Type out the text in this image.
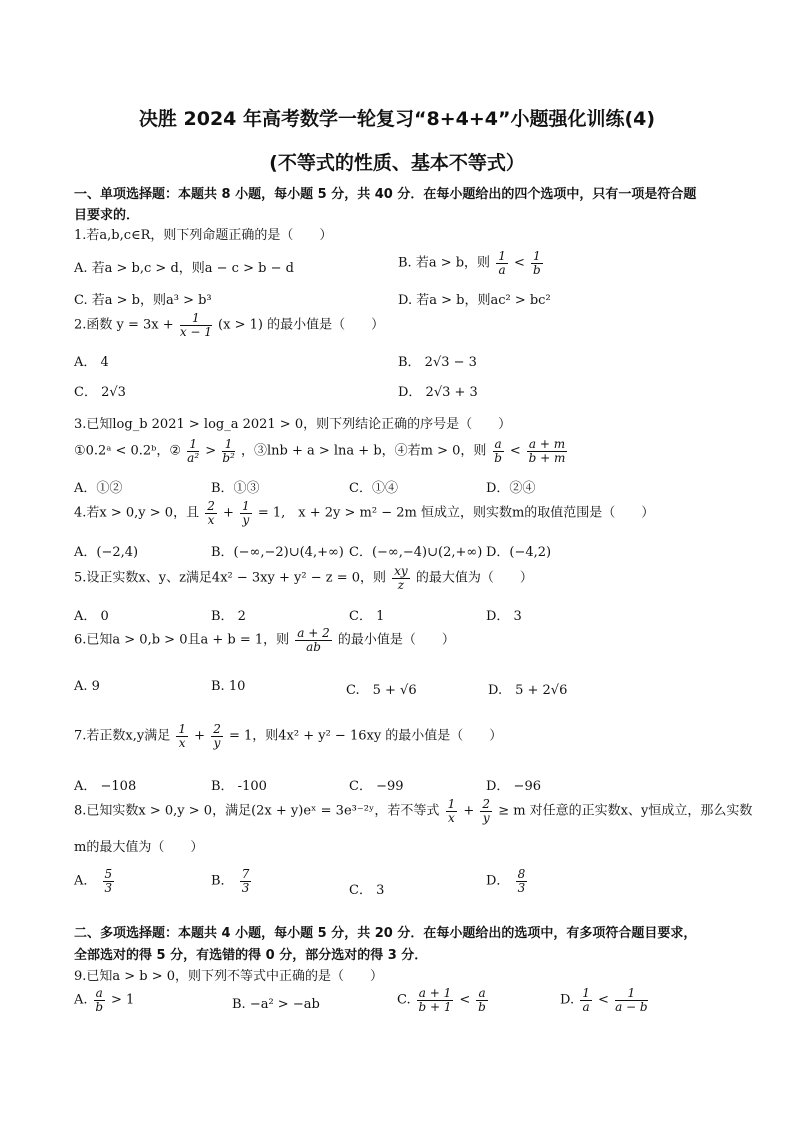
决胜 2024 年高考数学一轮复习“8+4+4”小题强化训练(4)
(不等式的性质、基本不等式）
一、单项选择题：本题共 8 小题，每小题 5 分，共 40 分．在每小题给出的四个选项中，只有一项是符合题
目要求的．
1.若a,b,c∈R，则下列命题正确的是（　　）
A. 若a > b,c > d，则a − c > b − d	B. 若a > b，则 $\frac{1}{a} < \frac{1}{b}$
C. 若a > b，则a³ > b³	D. 若a > b，则ac² > bc²
2.函数 $y = 3x + \frac{1}{x - 1} (x > 1)$ 的最小值是（　　）
A． 4	B． 2√3 − 3
C． 2√3	D． 2√3 + 3
3.已知log_b 2021 > log_a 2021 > 0，则下列结论正确的序号是（　　）
①0.2ᵃ < 0.2ᵇ，② $\frac{1}{\text{a²}} > \frac{1}{\text{b²}}$ ，③lnb + a > lna + b，④若m > 0，则 $\frac{a}{b} < \frac{a + m}{b + m}$
A．①②	B．①③	C．①④	D．②④
4.若x > 0,y > 0，且 $\frac{2}{x} + \frac{1}{y} = 1$,　x + 2y > m² − 2m 恒成立，则实数m的取值范围是（　　）
A．(−2,4)	B．(−∞,−2)∪(4,+∞) C．(−∞,−4)∪(2,+∞) D．(−4,2)
5.设正实数x、y、z满足4x² − 3xy + y² − z = 0，则 $\frac{xy}{z}$ 的最大值为（　　）
A． 0	B． 2	C． 1	D． 3
6.已知a > 0,b > 0且a + b = 1，则 $\frac{a + 2}{ab}$ 的最小值是（　　）
A. 9	B. 10	C.　5 + √6	D.　5 + 2√6
7.若正数x,y满足 $\frac{1}{x} + \frac{2}{y} = 1$，则4x² + y² − 16xy 的最小值是（　　）
A． −108	B． -100	C． −99	D． −96
8.已知实数x > 0,y > 0，满足(2x + y)eˣ = 3e³⁻²ʸ，若不等式 $\frac{1}{x} + \frac{2}{y} \ge m$ 对任意的正实数x、y恒成立，那么实数
m的最大值为（　　）
A． $\frac{5}{3}$	B． $\frac{7}{3}$	C． 3
D． $\frac{8}{3}$
二、多项选择题：本题共 4 小题，每小题 5 分，共 20 分．在每小题给出的选项中，有多项符合题目要求，
全部选对的得 5 分，有选错的得 0 分，部分选对的得 3 分．
9.已知a > b > 0，则下列不等式中正确的是（　　）
A. $\frac{a}{b} > 1$	B. −a² > −ab	C. $\frac{a + 1}{b + 1} < \frac{a}{b}$	D. $\frac{1}{a} < \frac{1}{a - b}$
